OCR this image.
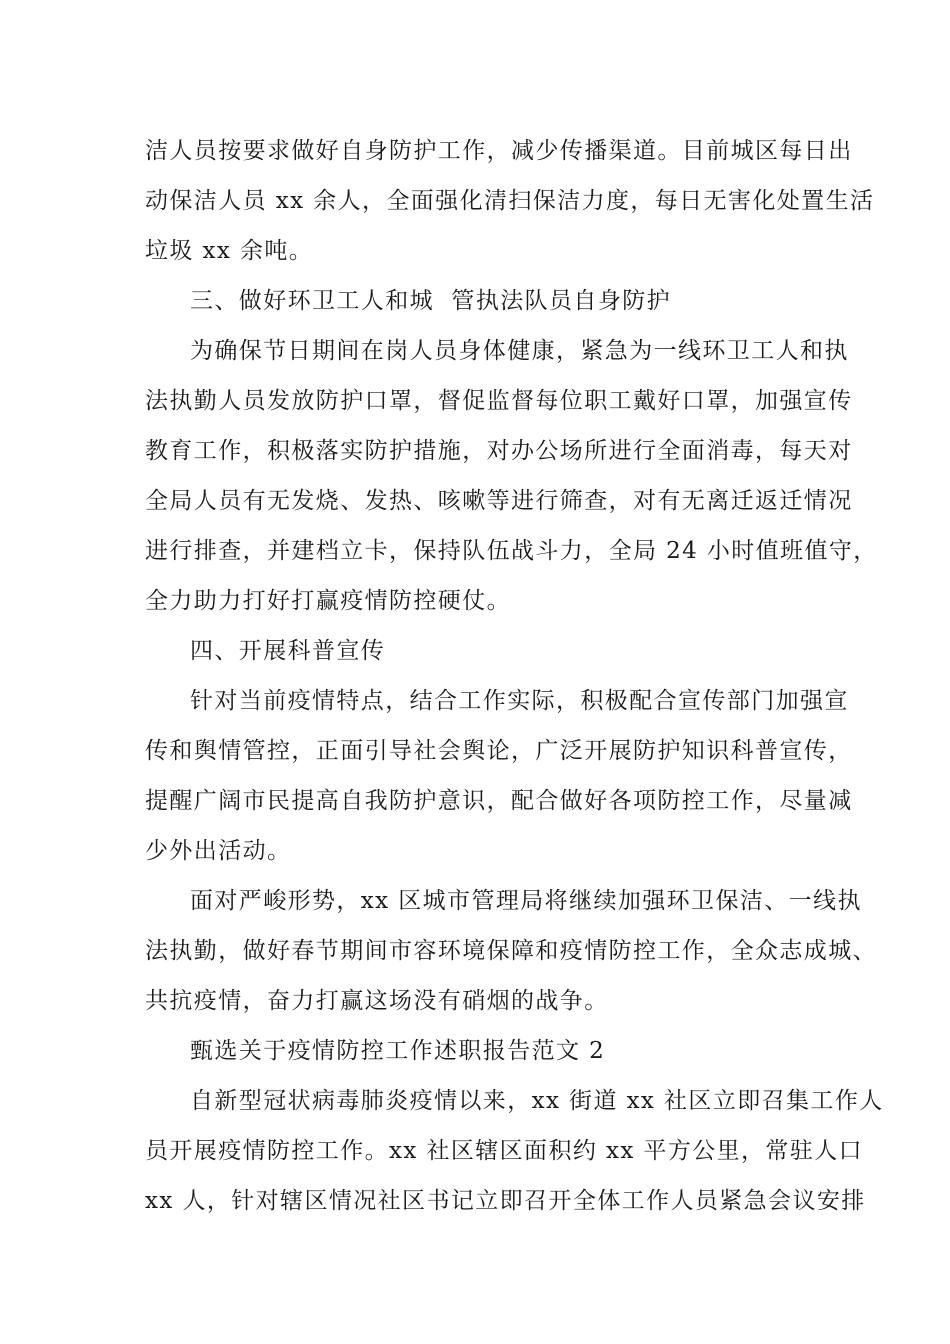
洁人员按要求做好自身防护工作，减少传播渠道。目前城区每日出
动保洁人员 xx 余人，全面强化清扫保洁力度，每日无害化处置生活
垃圾 xx 余吨。
三、做好环卫工人和城  管执法队员自身防护
为确保节日期间在岗人员身体健康，紧急为一线环卫工人和执
法执勤人员发放防护口罩，督促监督每位职工戴好口罩，加强宣传
教育工作，积极落实防护措施，对办公场所进行全面消毒，每天对
全局人员有无发烧、发热、咳嗽等进行筛查，对有无离迁返迁情况
进行排查，并建档立卡，保持队伍战斗力，全局 24 小时值班值守，
全力助力打好打赢疫情防控硬仗。
四、开展科普宣传
针对当前疫情特点，结合工作实际，积极配合宣传部门加强宣
传和舆情管控，正面引导社会舆论，广泛开展防护知识科普宣传，
提醒广阔市民提高自我防护意识，配合做好各项防控工作，尽量减
少外出活动。
面对严峻形势，xx 区城市管理局将继续加强环卫保洁、一线执
法执勤，做好春节期间市容环境保障和疫情防控工作，全众志成城、
共抗疫情，奋力打赢这场没有硝烟的战争。
甄选关于疫情防控工作述职报告范文 2
自新型冠状病毒肺炎疫情以来，xx 街道 xx 社区立即召集工作人
员开展疫情防控工作。xx 社区辖区面积约 xx 平方公里，常驻人口
xx 人，针对辖区情况社区书记立即召开全体工作人员紧急会议安排
